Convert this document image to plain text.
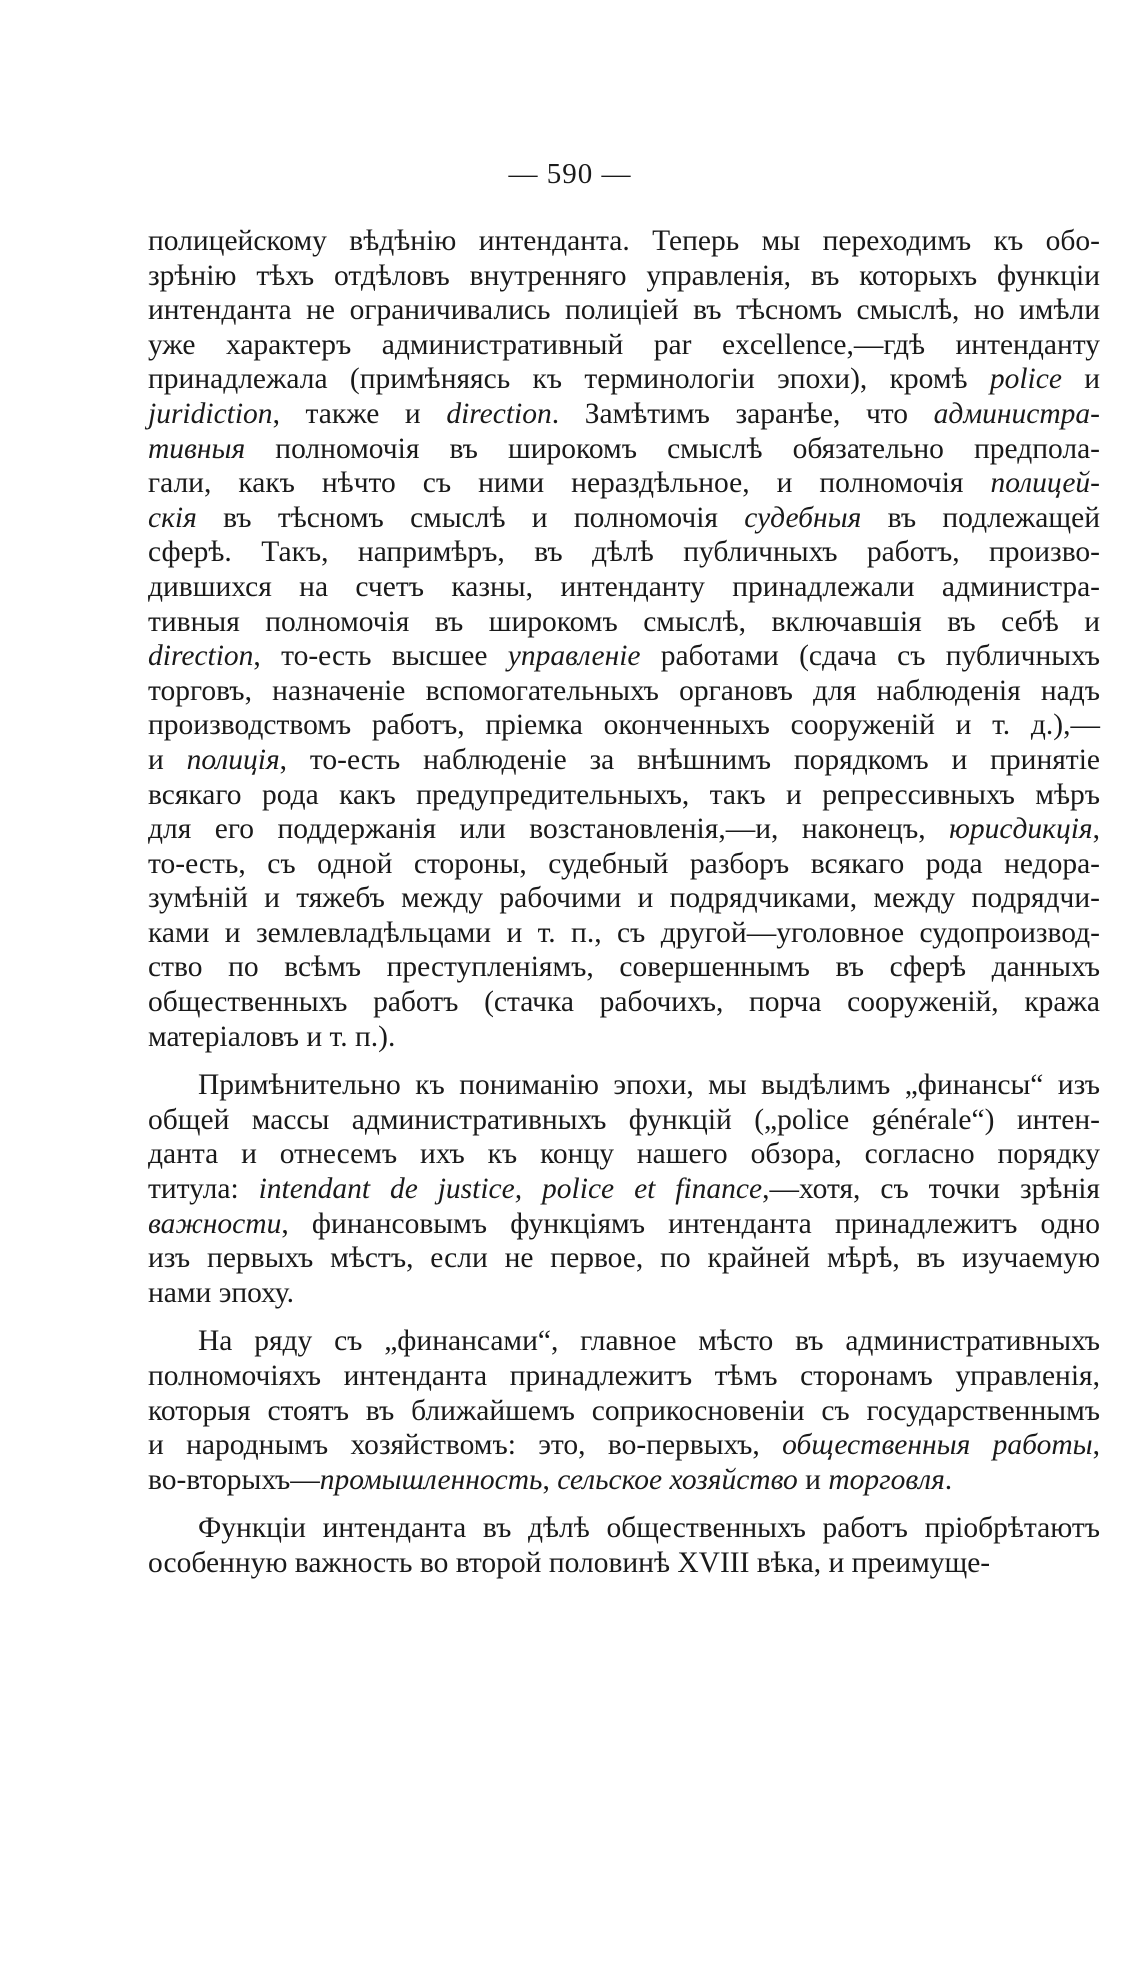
— 590 —
полицейскому вѣдѣнію интенданта. Теперь мы переходимъ къ обо-
зрѣнію тѣхъ отдѣловъ внутренняго управленія, въ которыхъ функціи
интенданта не ограничивались полиціей въ тѣсномъ смыслѣ, но имѣли
уже характеръ административный par excellence,—гдѣ интенданту
принадлежала (примѣняясь къ терминологіи эпохи), кромѣ police и
juridiction, также и direction. Замѣтимъ заранѣе, что администра-
тивныя полномочія въ широкомъ смыслѣ обязательно предпола-
гали, какъ нѣчто съ ними нераздѣльное, и полномочія полицей-
скія въ тѣсномъ смыслѣ и полномочія судебныя въ подлежащей
сферѣ. Такъ, напримѣръ, въ дѣлѣ публичныхъ работъ, произво-
дившихся на счетъ казны, интенданту принадлежали администра-
тивныя полномочія въ широкомъ смыслѣ, включавшія въ себѣ и
direction, то-есть высшее управленіе работами (сдача съ публичныхъ
торговъ, назначеніе вспомогательныхъ органовъ для наблюденія надъ
производствомъ работъ, пріемка оконченныхъ сооруженій и т. д.),—
и полиція, то-есть наблюденіе за внѣшнимъ порядкомъ и принятіе
всякаго рода какъ предупредительныхъ, такъ и репрессивныхъ мѣръ
для его поддержанія или возстановленія,—и, наконецъ, юрисдикція,
то-есть, съ одной стороны, судебный разборъ всякаго рода недора-
зумѣній и тяжебъ между рабочими и подрядчиками, между подрядчи-
ками и землевладѣльцами и т. п., съ другой—уголовное судопроизвод-
ство по всѣмъ преступленіямъ, совершеннымъ въ сферѣ данныхъ
общественныхъ работъ (стачка рабочихъ, порча сооруженій, кража
матеріаловъ и т. п.).
Примѣнительно къ пониманію эпохи, мы выдѣлимъ „финансы“ изъ
общей массы административныхъ функцій („police générale“) интен-
данта и отнесемъ ихъ къ концу нашего обзора, согласно порядку
титула: intendant de justice, police et finance,—хотя, съ точки зрѣнія
важности, финансовымъ функціямъ интенданта принадлежитъ одно
изъ первыхъ мѣстъ, если не первое, по крайней мѣрѣ, въ изучаемую
нами эпоху.
На ряду съ „финансами“, главное мѣсто въ административныхъ
полномочіяхъ интенданта принадлежитъ тѣмъ сторонамъ управленія,
которыя стоятъ въ ближайшемъ соприкосновеніи съ государственнымъ
и народнымъ хозяйствомъ: это, во-первыхъ, общественныя работы,
во-вторыхъ—промышленность, сельское хозяйство и торговля.
Функціи интенданта въ дѣлѣ общественныхъ работъ пріобрѣтаютъ
особенную важность во второй половинѣ XVIII вѣка, и преимуще-
